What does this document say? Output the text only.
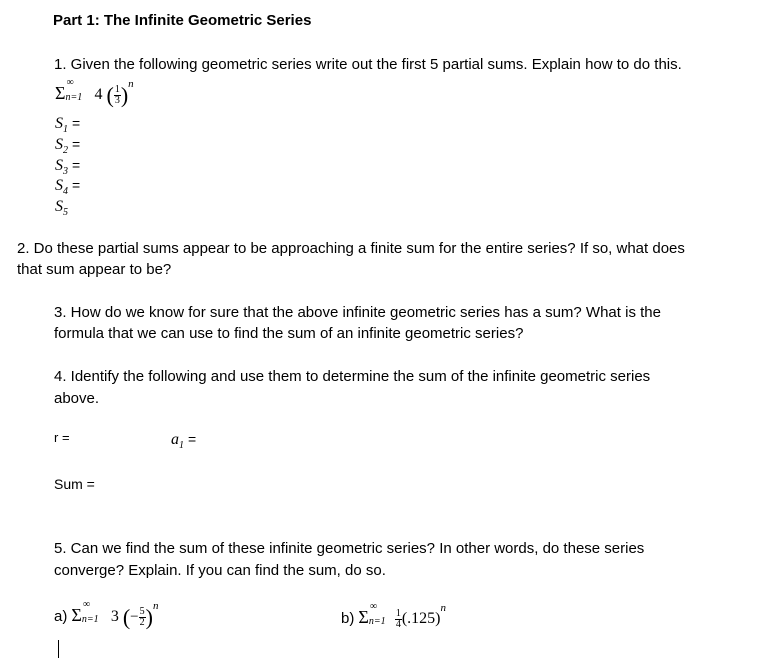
Part 1: The Infinite Geometric Series
1. Given the following geometric series write out the first 5 partial sums. Explain how to do this.
Σ
∞
n=1 4 ( $\frac{1}{3} )^n$
$S_1$ =
$S_2$ =
$S_3$ =
$S_4$ =
$S_5$
2. Do these partial sums appear to be approaching a finite sum for the entire series? If so, what does
that sum appear to be?
3. How do we know for sure that the above infinite geometric series has a sum? What is the
formula that we can use to find the sum of an infinite geometric series?
4. Identify the following and use them to determine the sum of the infinite geometric series
above.
r =	$a_1$ =
Sum =
5. Can we find the sum of these infinite geometric series? In other words, do these series
converge? Explain. If you can find the sum, do so.
a) Σ
∞
n=1 3 (− $\frac{5}{2} )^n$
b) Σ
∞
n=1
$\frac{1}{4} (.125)^n$
